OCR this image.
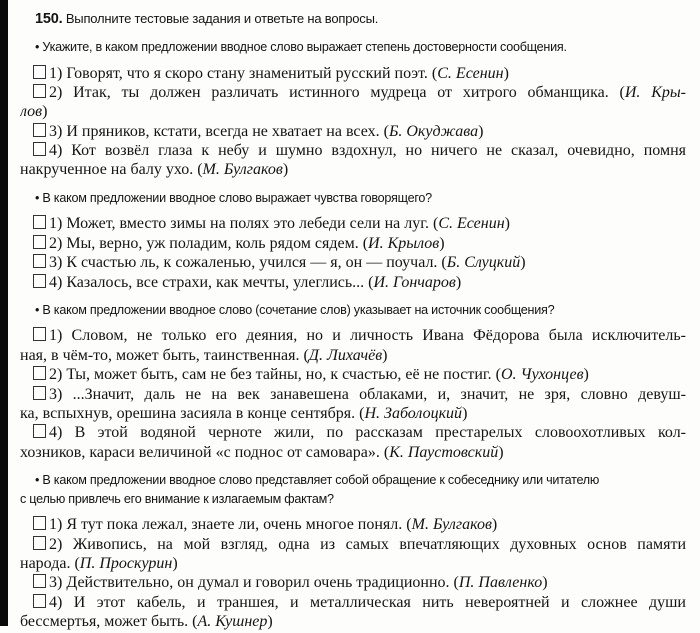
150. Выполните тестовые задания и ответьте на вопросы.
• Укажите, в каком предложении вводное слово выражает степень достоверности сообщения.
1) Говорят, что я скоро стану знаменитый русский поэт. (С. Есенин)
2) Итак, ты должен различать истинного мудреца от хитрого обманщика. (И. Кры-
лов)
3) И пряников, кстати, всегда не хватает на всех. (Б. Окуджава)
4) Кот возвёл глаза к небу и шумно вздохнул, но ничего не сказал, очевидно, помня
накрученное на балу ухо. (М. Булгаков)
• В каком предложении вводное слово выражает чувства говорящего?
1) Может, вместо зимы на полях это лебеди сели на луг. (С. Есенин)
2) Мы, верно, уж поладим, коль рядом сядем. (И. Крылов)
3) К счастью ль, к сожаленью, учился — я, он — поучал. (Б. Слуцкий)
4) Казалось, все страхи, как мечты, улеглись... (И. Гончаров)
• В каком предложении вводное слово (сочетание слов) указывает на источник сообщения?
1) Словом, не только его деяния, но и личность Ивана Фёдорова была исключитель-
ная, в чём-то, может быть, таинственная. (Д. Лихачёв)
2) Ты, может быть, сам не без тайны, но, к счастью, её не постиг. (О. Чухонцев)
3) ...Значит, даль не на век занавешена облаками, и, значит, не зря, словно девуш-
ка, вспыхнув, орешина засияла в конце сентября. (Н. Заболоцкий)
4) В этой водяной черноте жили, по рассказам престарелых словоохотливых кол-
хозников, караси величиной «с поднос от самовара». (К. Паустовский)
• В каком предложении вводное слово представляет собой обращение к собеседнику или читателю
с целью привлечь его внимание к излагаемым фактам?
1) Я тут пока лежал, знаете ли, очень многое понял. (М. Булгаков)
2) Живопись, на мой взгляд, одна из самых впечатляющих духовных основ памяти
народа. (П. Проскурин)
3) Действительно, он думал и говорил очень традиционно. (П. Павленко)
4) И этот кабель, и траншея, и металлическая нить невероятней и сложнее души
бессмертья, может быть. (А. Кушнер)
